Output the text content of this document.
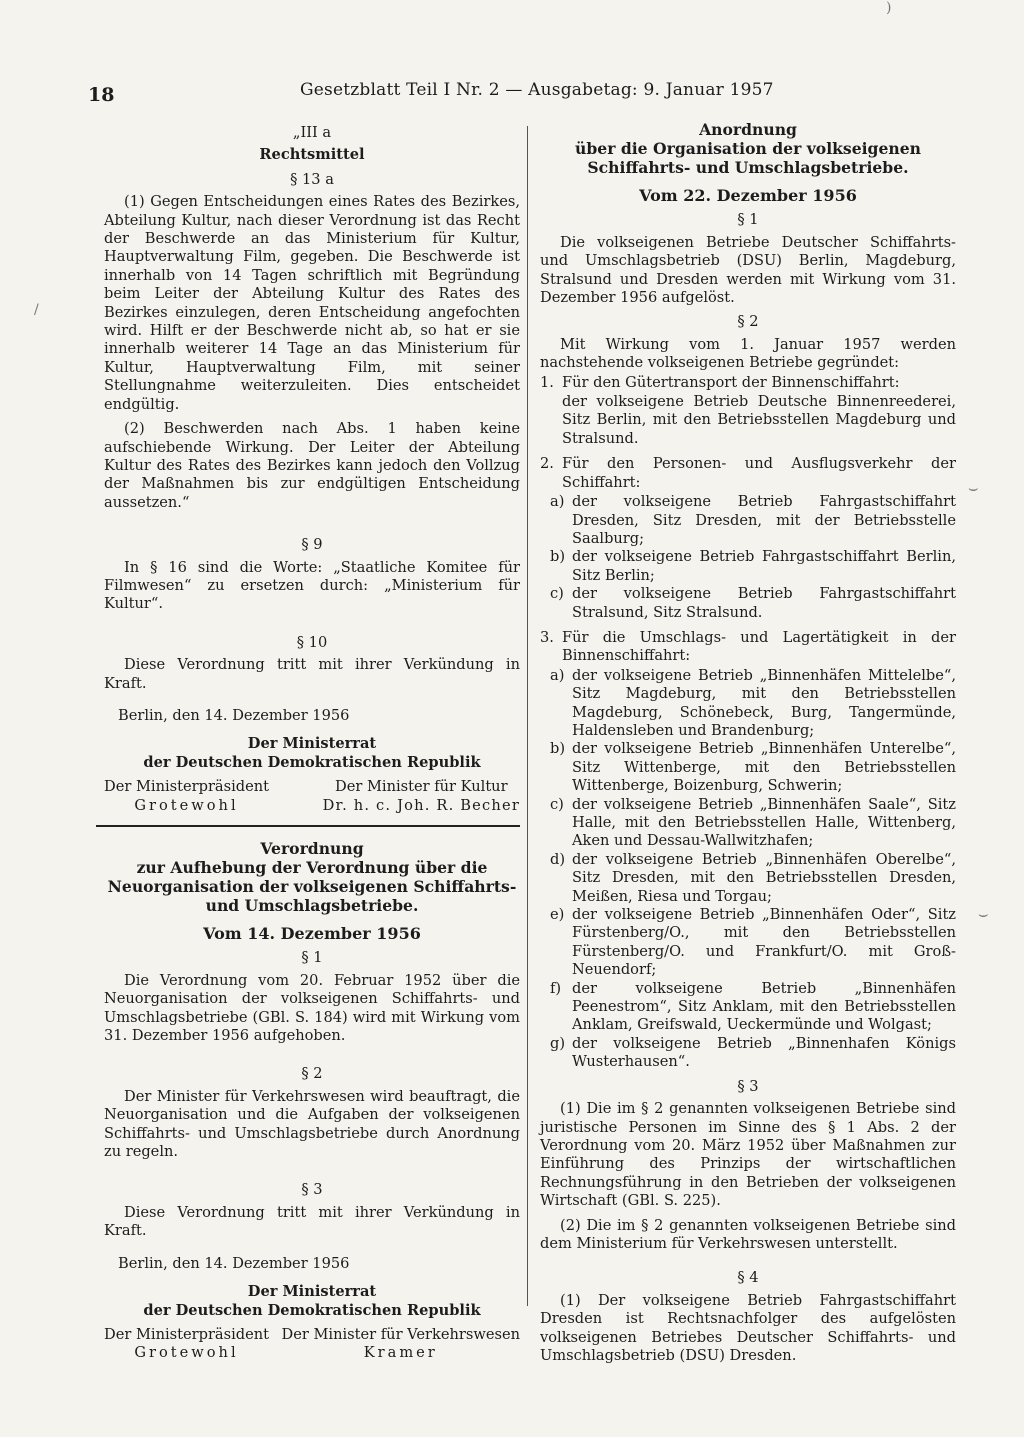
18	Gesetzblatt Teil I Nr. 2 — Ausgabetag: 9. Januar 1957
„III a
Rechtsmittel
§ 13 a

(1) Gegen Entscheidungen eines Rates des Bezirkes, Abteilung Kultur, nach dieser Verordnung ist das Recht der Beschwerde an das Ministerium für Kultur, Hauptverwaltung Film, gegeben. Die Beschwerde ist innerhalb von 14 Tagen schriftlich mit Begründung beim Leiter der Abteilung Kultur des Rates des Bezirkes einzulegen, deren Entscheidung angefochten wird. Hilft er der Beschwerde nicht ab, so hat er sie innerhalb weiterer 14 Tage an das Ministerium für Kultur, Hauptverwaltung Film, mit seiner Stellungnahme weiterzuleiten. Dies entscheidet endgültig.

(2) Beschwerden nach Abs. 1 haben keine aufschiebende Wirkung. Der Leiter der Abteilung Kultur des Rates des Bezirkes kann jedoch den Vollzug der Maßnahmen bis zur endgültigen Entscheidung aussetzen.“

§ 9

In § 16 sind die Worte: „Staatliche Komitee für Filmwesen“ zu ersetzen durch: „Ministerium für Kultur“.

§ 10

Diese Verordnung tritt mit ihrer Verkündung in Kraft.

Berlin, den 14. Dezember 1956
Der Ministerrat
der Deutschen Demokratischen Republik
Der Ministerpräsident
Grotewohl
Der Minister für Kultur
Dr. h. c. Joh. R. Becher
Verordnung
zur Aufhebung der Verordnung über die Neuorganisation der volkseigenen Schiffahrts- und Umschlagsbetriebe.
Vom 14. Dezember 1956
§ 1

Die Verordnung vom 20. Februar 1952 über die Neuorganisation der volkseigenen Schiffahrts- und Umschlagsbetriebe (GBl. S. 184) wird mit Wirkung vom 31. Dezember 1956 aufgehoben.

§ 2

Der Minister für Verkehrswesen wird beauftragt, die Neuorganisation und die Aufgaben der volkseigenen Schiffahrts- und Umschlagsbetriebe durch Anordnung zu regeln.

§ 3

Diese Verordnung tritt mit ihrer Verkündung in Kraft.

Berlin, den 14. Dezember 1956
Der Ministerrat
der Deutschen Demokratischen Republik
Der Ministerpräsident
Grotewohl
Der Minister für Verkehrswesen
Kramer
Anordnung
über die Organisation der volkseigenen Schiffahrts- und Umschlagsbetriebe.
Vom 22. Dezember 1956
§ 1

Die volkseigenen Betriebe Deutscher Schiffahrts- und Umschlagsbetrieb (DSU) Berlin, Magdeburg, Stralsund und Dresden werden mit Wirkung vom 31. Dezember 1956 aufgelöst.

§ 2

Mit Wirkung vom 1. Januar 1957 werden nachstehende volkseigenen Betriebe gegründet:

1. Für den Gütertransport der Binnenschiffahrt:
der volkseigene Betrieb Deutsche Binnenreederei, Sitz Berlin, mit den Betriebsstellen Magdeburg und Stralsund.
2. Für den Personen- und Ausflugsverkehr der Schiffahrt:
a) der volkseigene Betrieb Fahrgastschiffahrt Dresden, Sitz Dresden, mit der Betriebsstelle Saalburg;
b) der volkseigene Betrieb Fahrgastschiffahrt Berlin, Sitz Berlin;
c) der volkseigene Betrieb Fahrgastschiffahrt Stralsund, Sitz Stralsund.
3. Für die Umschlags- und Lagertätigkeit in der Binnenschiffahrt:
a) der volkseigene Betrieb „Binnenhäfen Mittelelbe“, Sitz Magdeburg, mit den Betriebsstellen Magdeburg, Schönebeck, Burg, Tangermünde, Haldensleben und Brandenburg;
b) der volkseigene Betrieb „Binnenhäfen Unterelbe“, Sitz Wittenberge, mit den Betriebsstellen Wittenberge, Boizenburg, Schwerin;
c) der volkseigene Betrieb „Binnenhäfen Saale“, Sitz Halle, mit den Betriebsstellen Halle, Wittenberg, Aken und Dessau-Wallwitzhafen;
d) der volkseigene Betrieb „Binnenhäfen Oberelbe“, Sitz Dresden, mit den Betriebsstellen Dresden, Meißen, Riesa und Torgau;
e) der volkseigene Betrieb „Binnenhäfen Oder“, Sitz Fürstenberg/O., mit den Betriebsstellen Fürstenberg/O. und Frankfurt/O. mit Groß-Neuendorf;
f) der volkseigene Betrieb „Binnenhäfen Peenestrom“, Sitz Anklam, mit den Betriebsstellen Anklam, Greifswald, Ueckermünde und Wolgast;
g) der volkseigene Betrieb „Binnenhafen Königs Wusterhausen“.
§ 3

(1) Die im § 2 genannten volkseigenen Betriebe sind juristische Personen im Sinne des § 1 Abs. 2 der Verordnung vom 20. März 1952 über Maßnahmen zur Einführung des Prinzips der wirtschaftlichen Rechnungsführung in den Betrieben der volkseigenen Wirtschaft (GBl. S. 225).

(2) Die im § 2 genannten volkseigenen Betriebe sind dem Ministerium für Verkehrswesen unterstellt.

§ 4

(1) Der volkseigene Betrieb Fahrgastschiffahrt Dresden ist Rechtsnachfolger des aufgelösten volkseigenen Betriebes Deutscher Schiffahrts- und Umschlagsbetrieb (DSU) Dresden.

⌣
⌣
/
)
